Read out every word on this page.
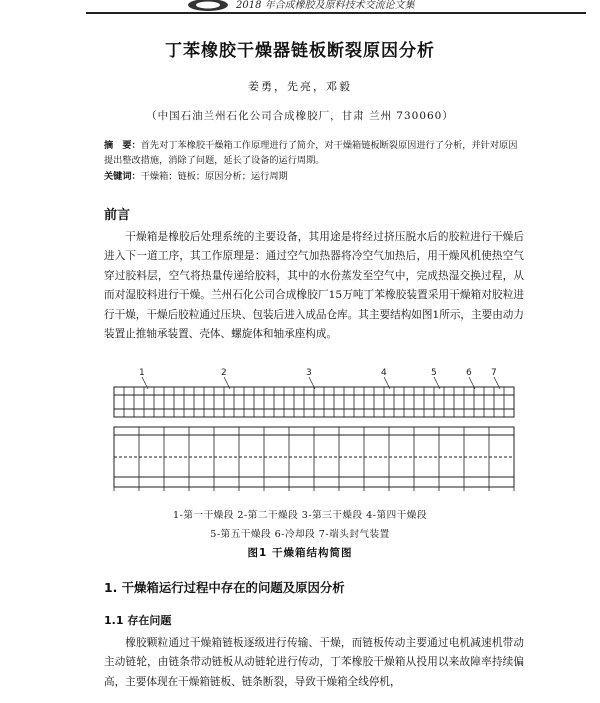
2018 年合成橡胶及原料技术交流论文集
丁苯橡胶干燥器链板断裂原因分析
姜勇，先亮，邓毅
（中国石油兰州石化公司合成橡胶厂，甘肃 兰州 730060）
摘　要：首先对丁苯橡胶干燥箱工作原理进行了简介，对干燥箱链板断裂原因进行了分析，并针对原因提出整改措施，消除了问题，延长了设备的运行周期。
关键词：干燥箱；链板；原因分析；运行周期
前言
干燥箱是橡胶后处理系统的主要设备，其用途是将经过挤压脱水后的胶粒进行干燥后进入下一道工序，其工作原理是：通过空气加热器将冷空气加热后，用干燥风机使热空气穿过胶料层，空气将热量传递给胶料，其中的水份蒸发至空气中，完成热湿交换过程，从而对湿胶料进行干燥。兰州石化公司合成橡胶厂15万吨丁苯橡胶装置采用干燥箱对胶粒进行干燥，干燥后胶粒通过压块、包装后进入成品仓库。其主要结构如图1所示，主要由动力装置止推轴承装置、壳体、螺旋体和轴承座构成。
1	2	3	4	5	6 7
1-第一干燥段 2-第二干燥段 3-第三干燥段 4-第四干燥段
5-第五干燥段 6-冷却段 7-端头封气装置
图1 干燥箱结构简图
1. 干燥箱运行过程中存在的问题及原因分析
1.1 存在问题
橡胶颗粒通过干燥箱链板逐级进行传输、干燥，而链板传动主要通过电机减速机带动主动链轮，由链条带动链板从动链轮进行传动，丁苯橡胶干燥箱从投用以来故障率持续偏高，主要体现在干燥箱链板、链条断裂，导致干燥箱全线停机，
